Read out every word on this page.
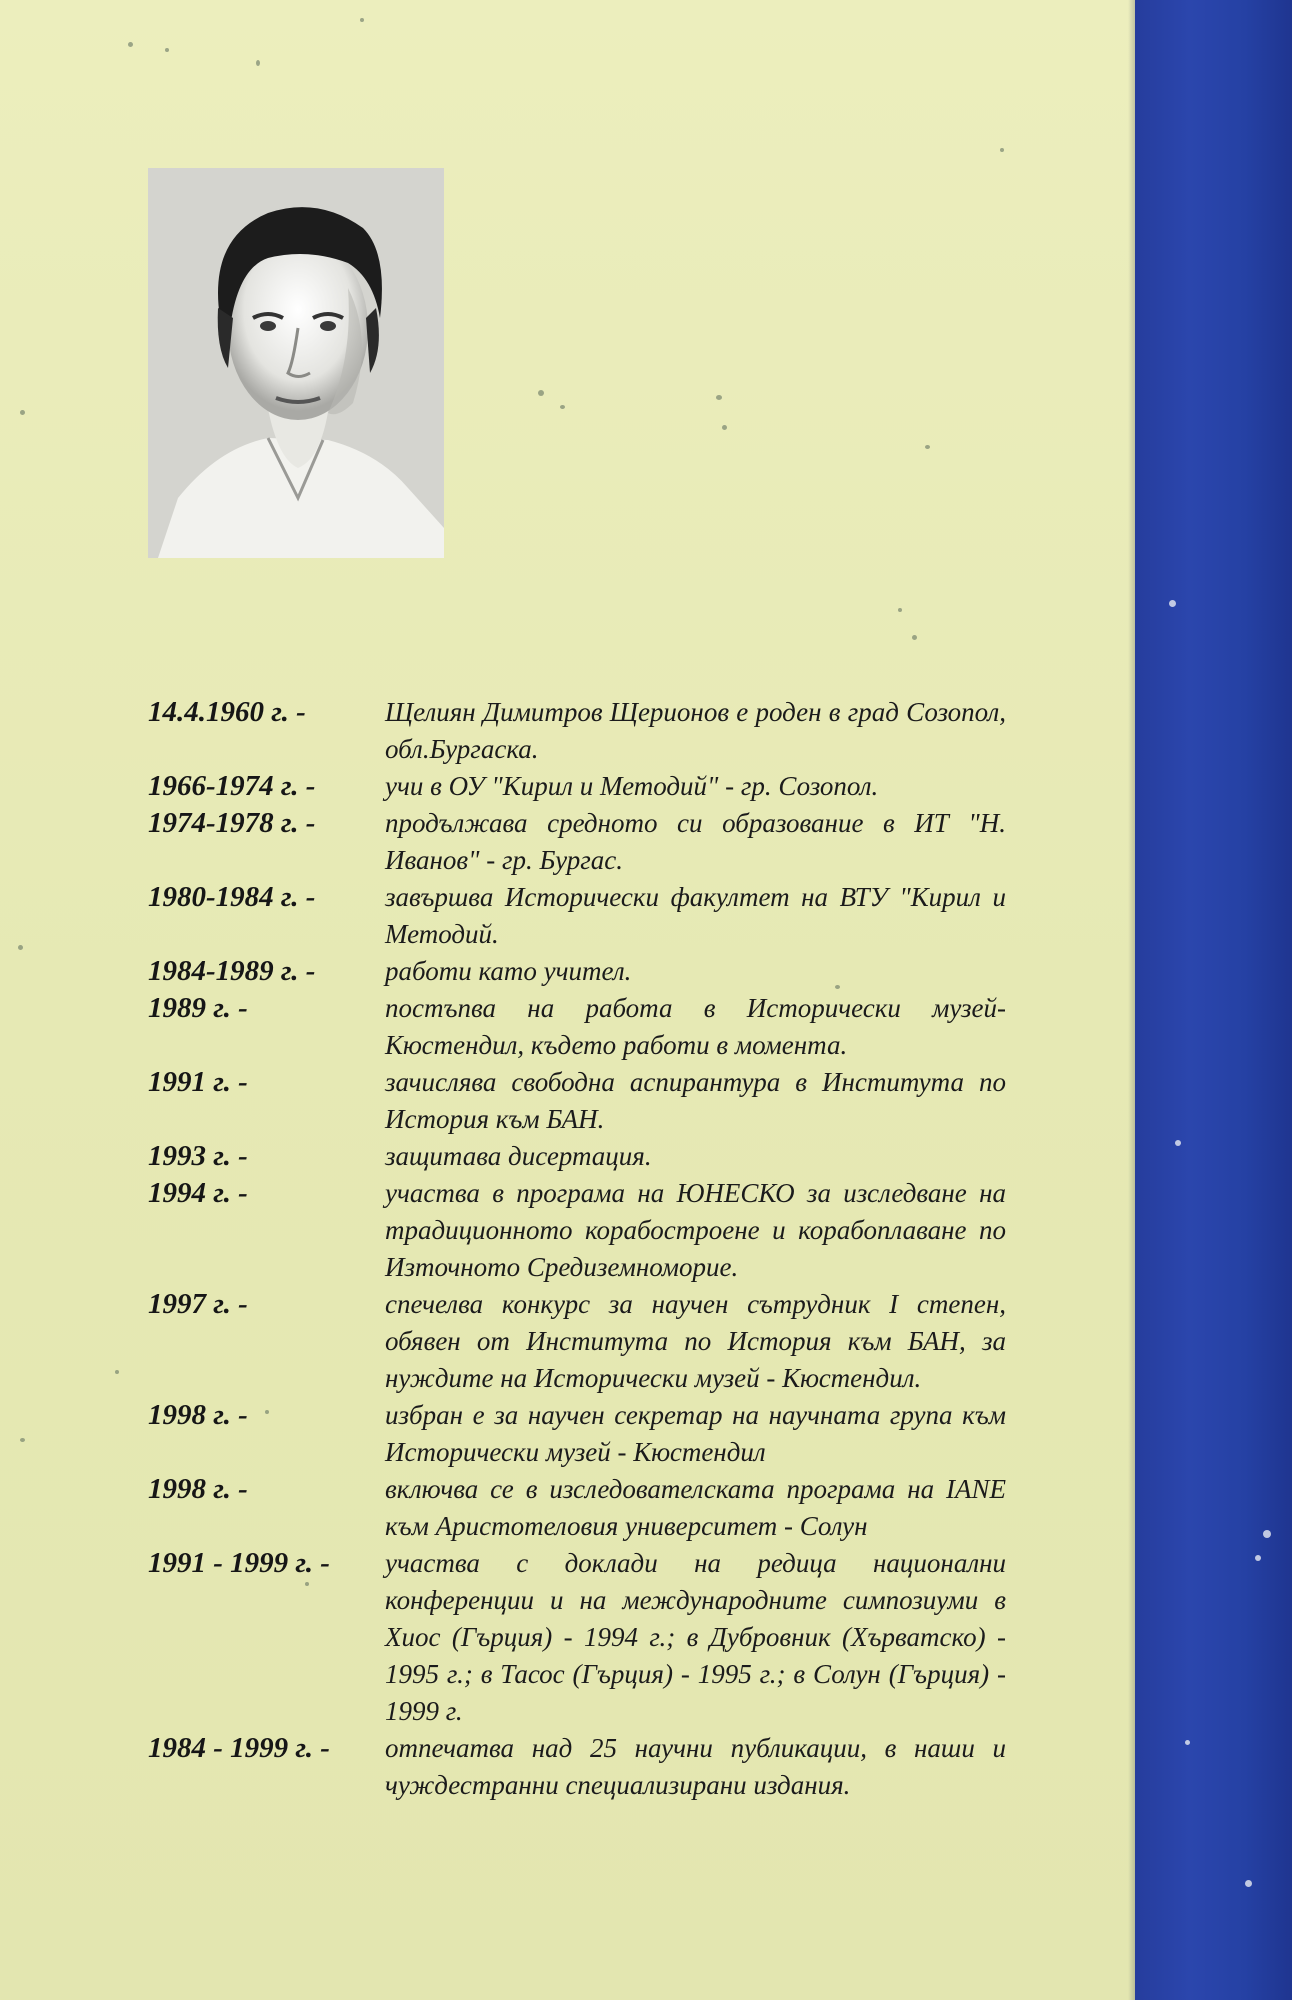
14.4.1960 г. -	Щелиян Димитров Щерионов е роден в град Созопол, обл.Бургаска.
1966-1974 г. -	учи в ОУ "Кирил и Методий" - гр. Созопол.
1974-1978 г. -	продължава средното си образование в ИТ "Н. Иванов" - гр. Бургас.
1980-1984 г. -	завършва Исторически факултет на ВТУ "Кирил и Методий.
1984-1989 г. -	работи като учител.
1989 г. -	постъпва на работа в Исторически музей-Кюстендил, където работи в момента.
1991 г. -	зачислява свободна аспирантура в Института по История към БАН.
1993 г. -	защитава дисертация.
1994 г. -	участва в програма на ЮНЕСКО за изследване на традиционното корабостроене и корабоплаване по Източното Средиземноморие.
1997 г. -	спечелва конкурс за научен сътрудник I степен, обявен от Института по История към БАН, за нуждите на Исторически музей - Кюстендил.
1998 г. -	избран е за научен секретар на научната група към Исторически музей - Кюстендил
1998 г. -	включва се в изследователската програма на IANE към Аристотеловия университет - Солун
1991 - 1999 г. -	участва с доклади на редица национални конференции и на международните симпозиуми в Хиос (Гърция) - 1994 г.; в Дубровник (Хърватско) - 1995 г.; в Тасос (Гърция) - 1995 г.; в Солун (Гърция) - 1999 г.
1984 - 1999 г. -	отпечатва над 25 научни публикации, в наши и чуждестранни специализирани издания.
